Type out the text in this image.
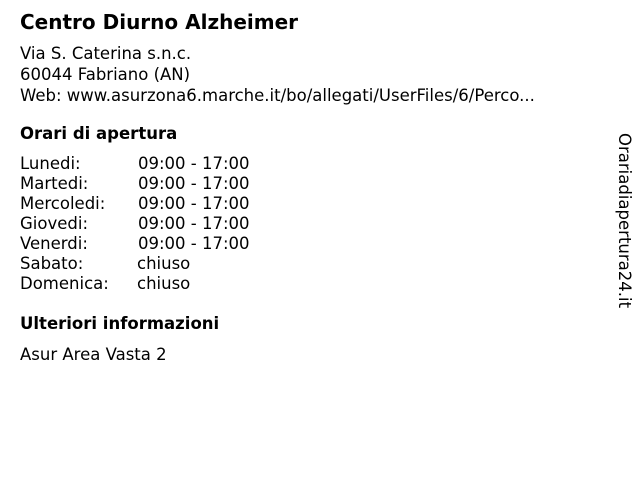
Centro Diurno Alzheimer
Via S. Caterina s.n.c.
60044 Fabriano (AN)
Web: www.asurzona6.marche.it/bo/allegati/UserFiles/6/Perco...
Orari di apertura
Lunedi:	09:00 - 17:00
Martedi:	09:00 - 17:00
Mercoledi: 09:00 - 17:00
Giovedi:	09:00 - 17:00
Venerdi:	09:00 - 17:00
Sabato:	chiuso
Domenica: chiuso
Ulteriori informazioni
Asur Area Vasta 2
Orariadiapertura24.it
